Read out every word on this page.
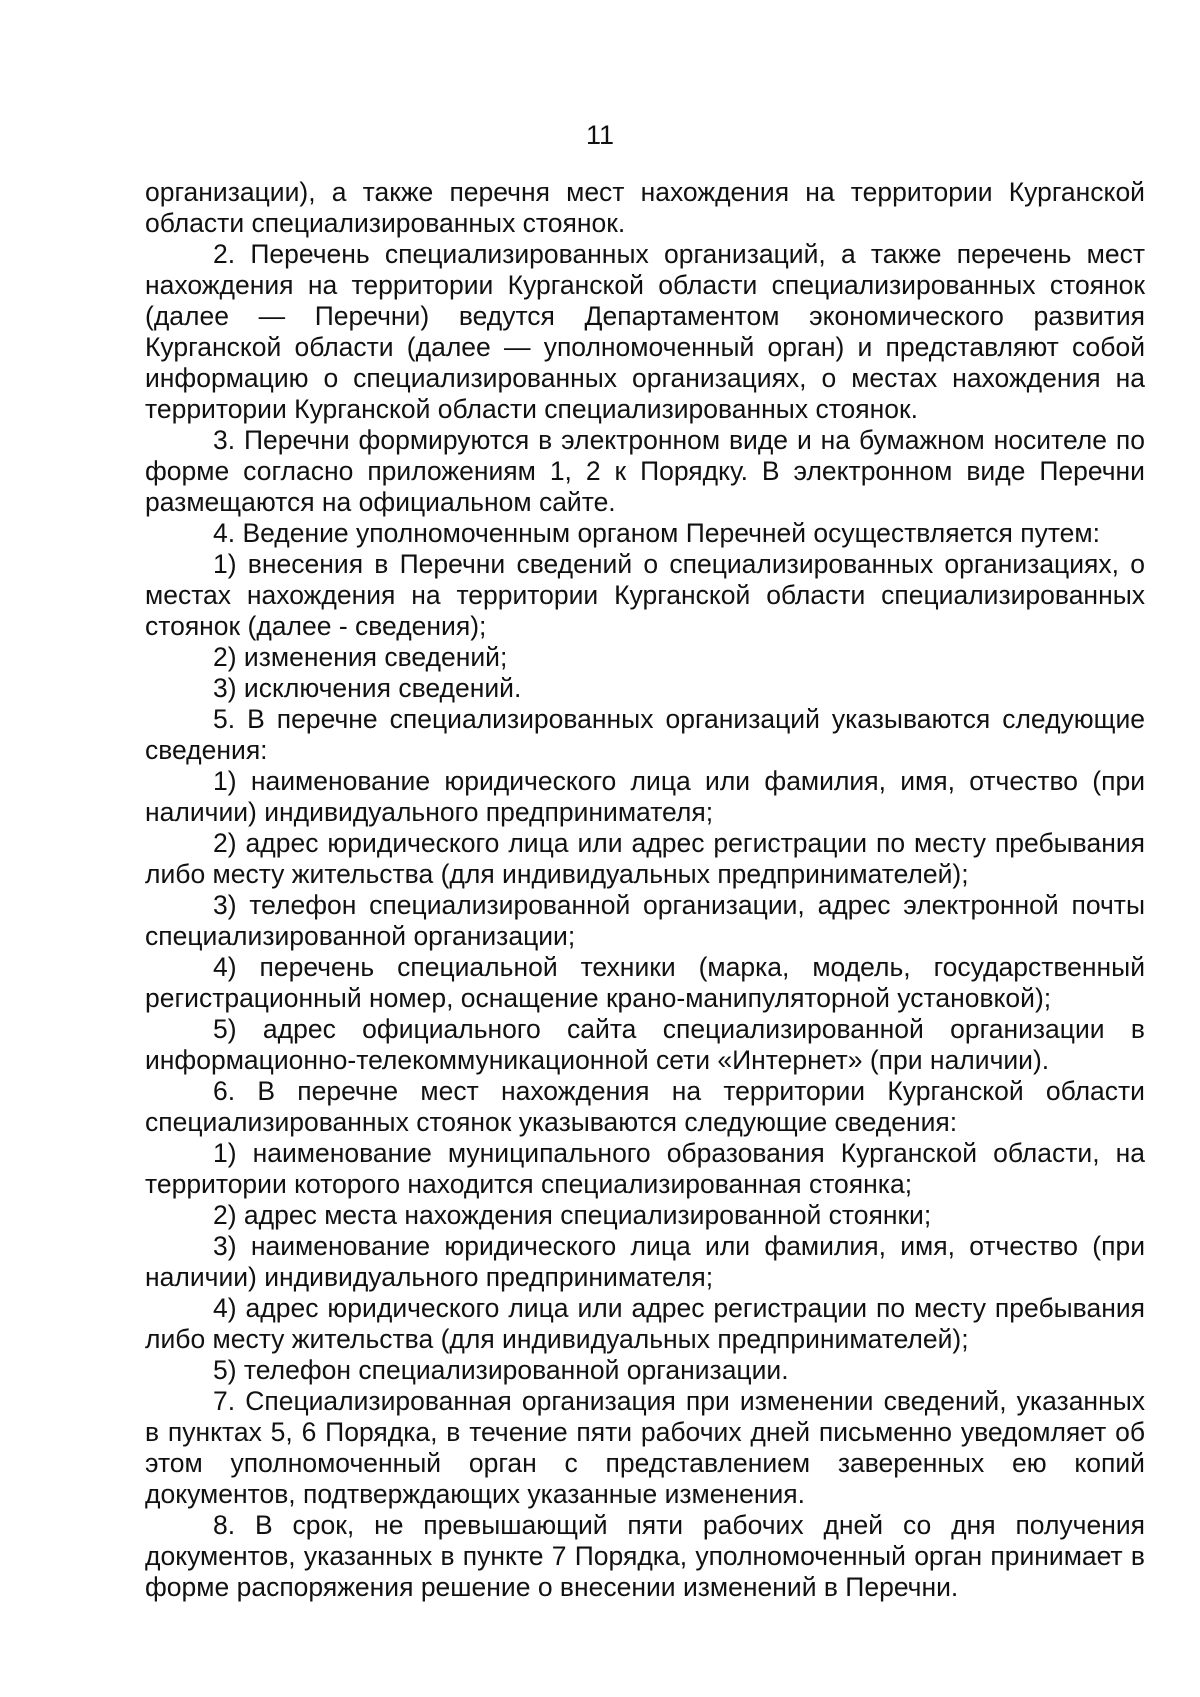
11

организации), а также перечня мест нахождения на территории Курганской области специализированных стоянок.

2. Перечень специализированных организаций, а также перечень мест нахождения на территории Курганской области специализированных стоянок (далее — Перечни) ведутся Департаментом экономического развития Курганской области (далее — уполномоченный орган) и представляют собой информацию о специализированных организациях, о местах нахождения на территории Курганской области специализированных стоянок.

3. Перечни формируются в электронном виде и на бумажном носителе по форме согласно приложениям 1, 2 к Порядку. В электронном виде Перечни размещаются на официальном сайте.

4. Ведение уполномоченным органом Перечней осуществляется путем:

1) внесения в Перечни сведений о специализированных организациях, о местах нахождения на территории Курганской области специализированных стоянок (далее - сведения);

2) изменения сведений;

3) исключения сведений.

5. В перечне специализированных организаций указываются следующие сведения:

1) наименование юридического лица или фамилия, имя, отчество (при наличии) индивидуального предпринимателя;

2) адрес юридического лица или адрес регистрации по месту пребывания либо месту жительства (для индивидуальных предпринимателей);

3) телефон специализированной организации, адрес электронной почты специализированной организации;

4) перечень специальной техники (марка, модель, государственный регистрационный номер, оснащение крано-манипуляторной установкой);

5) адрес официального сайта специализированной организации в информационно-телекоммуникационной сети «Интернет» (при наличии).

6. В перечне мест нахождения на территории Курганской области специализированных стоянок указываются следующие сведения:

1) наименование муниципального образования Курганской области, на территории которого находится специализированная стоянка;

2) адрес места нахождения специализированной стоянки;

3) наименование юридического лица или фамилия, имя, отчество (при наличии) индивидуального предпринимателя;

4) адрес юридического лица или адрес регистрации по месту пребывания либо месту жительства (для индивидуальных предпринимателей);

5) телефон специализированной организации.

7. Специализированная организация при изменении сведений, указанных в пунктах 5, 6 Порядка, в течение пяти рабочих дней письменно уведомляет об этом уполномоченный орган с представлением заверенных ею копий документов, подтверждающих указанные изменения.

8. В срок, не превышающий пяти рабочих дней со дня получения документов, указанных в пункте 7 Порядка, уполномоченный орган принимает в форме распоряжения решение о внесении изменений в Перечни.
